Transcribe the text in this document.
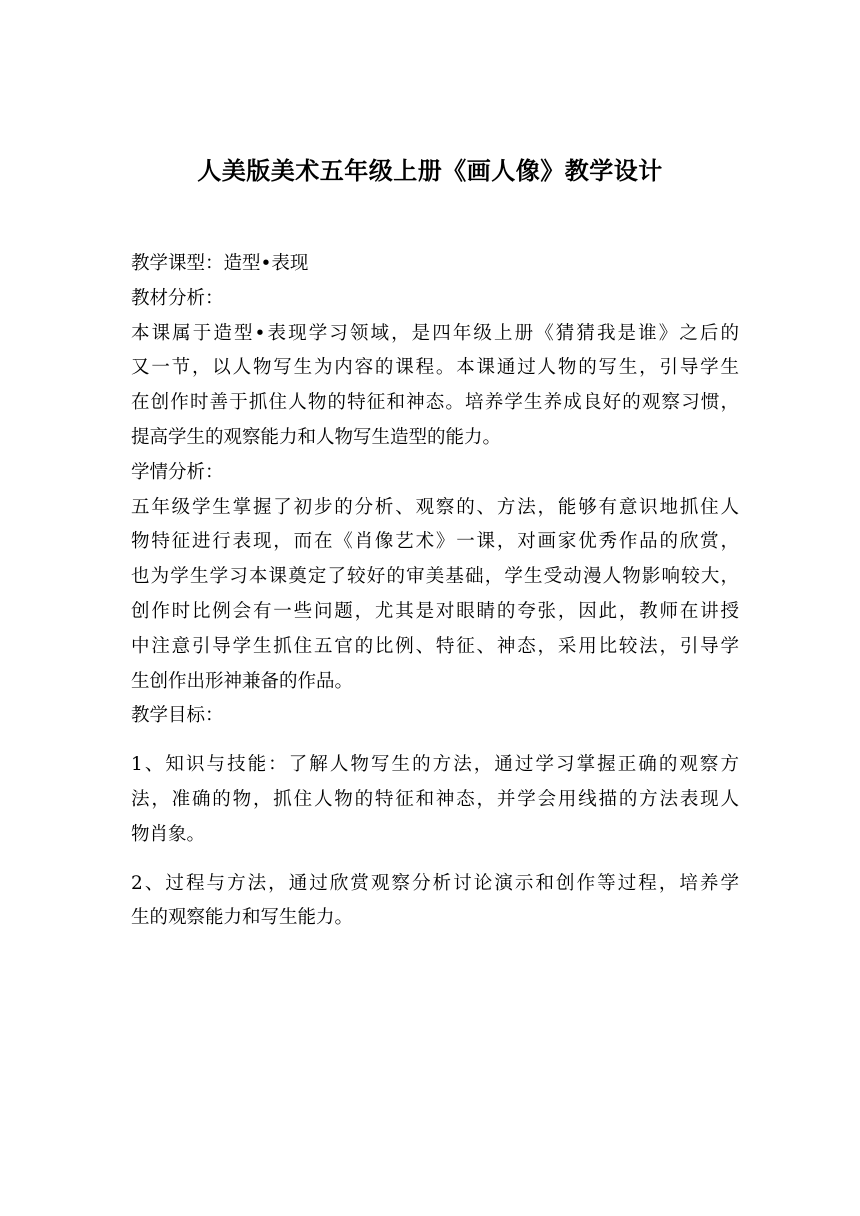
人美版美术五年级上册《画人像》教学设计
教学课型：造型•表现
教材分析：
本课属于造型•表现学习领域，是四年级上册《猜猜我是谁》之后的
又一节，以人物写生为内容的课程。本课通过人物的写生，引导学生
在创作时善于抓住人物的特征和神态。培养学生养成良好的观察习惯，
提高学生的观察能力和人物写生造型的能力。
学情分析：
五年级学生掌握了初步的分析、观察的、方法，能够有意识地抓住人
物特征进行表现，而在《肖像艺术》一课，对画家优秀作品的欣赏，
也为学生学习本课奠定了较好的审美基础，学生受动漫人物影响较大，
创作时比例会有一些问题，尤其是对眼睛的夸张，因此，教师在讲授
中注意引导学生抓住五官的比例、特征、神态，采用比较法，引导学
生创作出形神兼备的作品。
教学目标：
1、知识与技能：了解人物写生的方法，通过学习掌握正确的观察方
法，准确的物，抓住人物的特征和神态，并学会用线描的方法表现人
物肖象。
2、过程与方法，通过欣赏观察分析讨论演示和创作等过程，培养学
生的观察能力和写生能力。
